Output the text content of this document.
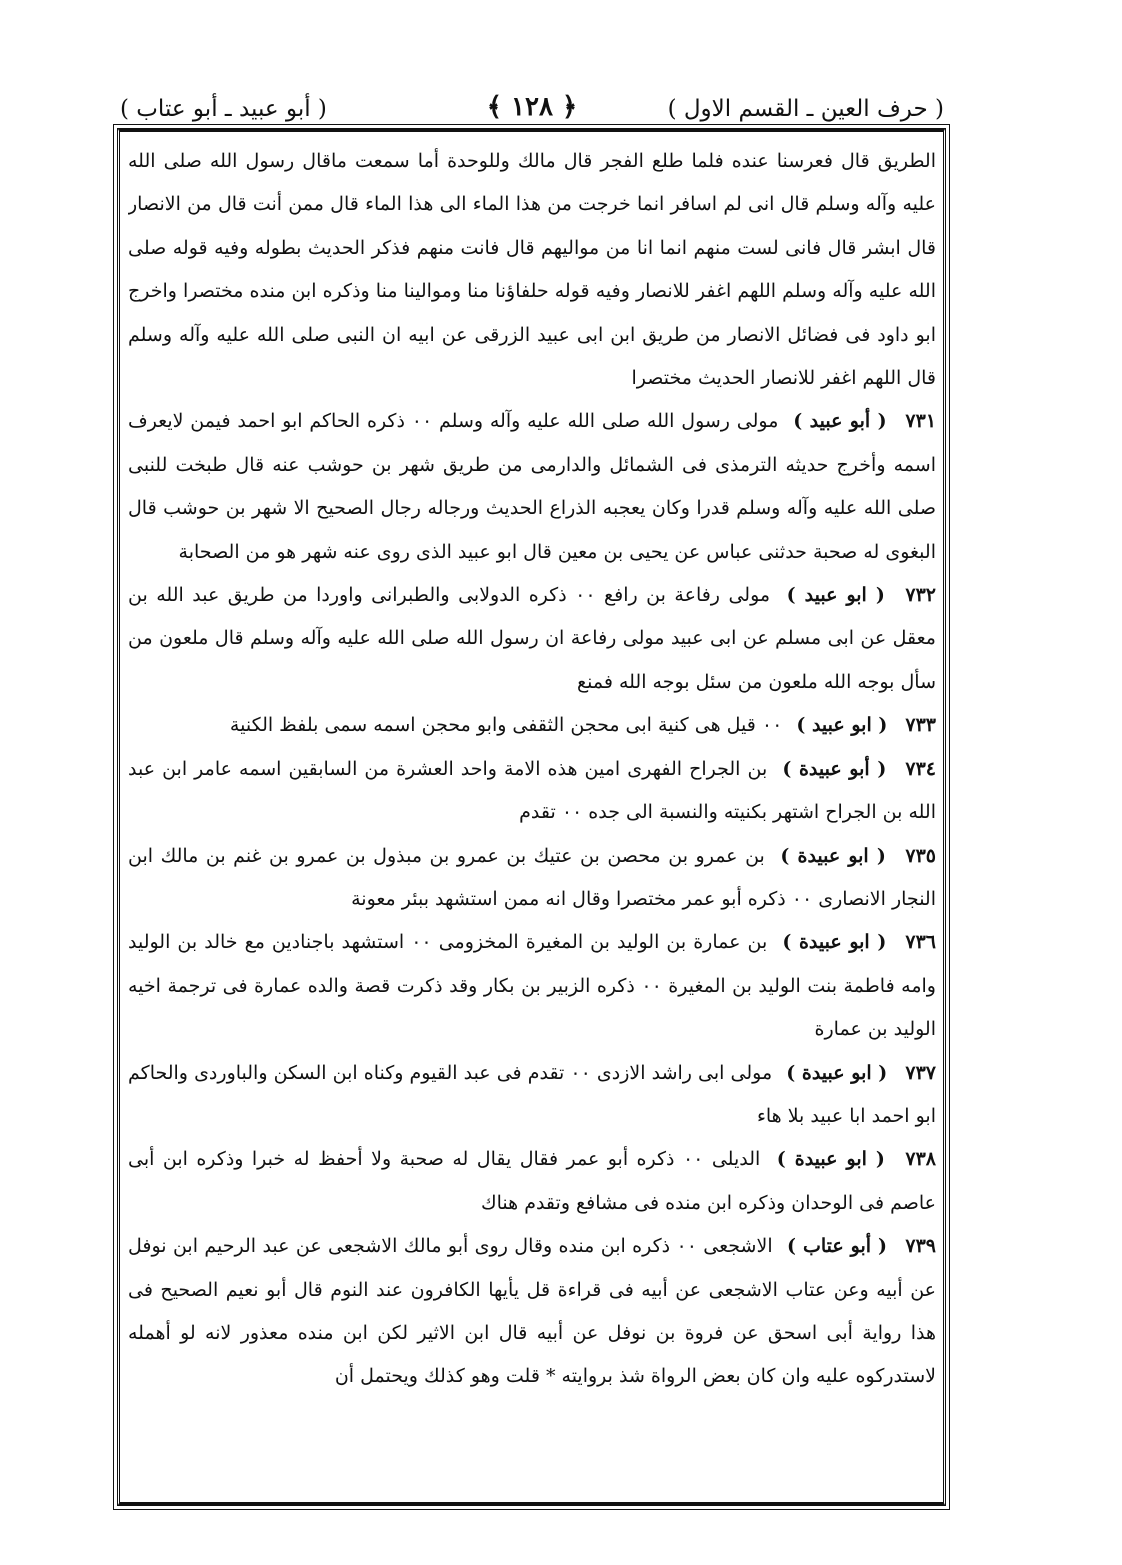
( حرف العين ـ القسم الاول )
﴿ ١٢٨ ﴾
( أبو عبيد ـ أبو عتاب )

الطريق قال فعرسنا عنده فلما طلع الفجر قال مالك وللوحدة أما سمعت ماقال رسول الله صلى الله عليه وآله وسلم قال انى لم اسافر انما خرجت من هذا الماء الى هذا الماء قال ممن أنت قال من الانصار قال ابشر قال فانى لست منهم انما انا من مواليهم قال فانت منهم فذكر الحديث بطوله وفيه قوله صلى الله عليه وآله وسلم اللهم اغفر للانصار وفيه قوله حلفاؤنا منا وموالينا منا وذكره ابن منده مختصرا واخرج ابو داود فى فضائل الانصار من طريق ابن ابى عبيد الزرقى عن ابيه ان النبى صلى الله عليه وآله وسلم قال اللهم اغفر للانصار الحديث مختصرا

٧٣١ ( أبو عبيد ) مولى رسول الله صلى الله عليه وآله وسلم ٠٠ ذكره الحاكم ابو احمد فيمن لايعرف اسمه وأخرج حديثه الترمذى فى الشمائل والدارمى من طريق شهر بن حوشب عنه قال طبخت للنبى صلى الله عليه وآله وسلم قدرا وكان يعجبه الذراع الحديث ورجاله رجال الصحيح الا شهر بن حوشب قال البغوى له صحبة حدثنى عباس عن يحيى بن معين قال ابو عبيد الذى روى عنه شهر هو من الصحابة

٧٣٢ ( ابو عبيد ) مولى رفاعة بن رافع ٠٠ ذكره الدولابى والطبرانى واوردا من طريق عبد الله بن معقل عن ابى مسلم عن ابى عبيد مولى رفاعة ان رسول الله صلى الله عليه وآله وسلم قال ملعون من سأل بوجه الله ملعون من سئل بوجه الله فمنع

٧٣٣ ( ابو عبيد ) ٠٠ قيل هى كنية ابى محجن الثقفى وابو محجن اسمه سمى بلفظ الكنية

٧٣٤ ( أبو عبيدة ) بن الجراح الفهرى امين هذه الامة واحد العشرة من السابقين اسمه عامر ابن عبد الله بن الجراح اشتهر بكنيته والنسبة الى جده ٠٠ تقدم

٧٣٥ ( ابو عبيدة ) بن عمرو بن محصن بن عتيك بن عمرو بن مبذول بن عمرو بن غنم بن مالك ابن النجار الانصارى ٠٠ ذكره أبو عمر مختصرا وقال انه ممن استشهد ببئر معونة

٧٣٦ ( ابو عبيدة ) بن عمارة بن الوليد بن المغيرة المخزومى ٠٠ استشهد باجنادين مع خالد بن الوليد وامه فاطمة بنت الوليد بن المغيرة ٠٠ ذكره الزبير بن بكار وقد ذكرت قصة والده عمارة فى ترجمة اخيه الوليد بن عمارة

٧٣٧ ( ابو عبيدة ) مولى ابى راشد الازدى ٠٠ تقدم فى عبد القيوم وكناه ابن السكن والباوردى والحاكم ابو احمد ابا عبيد بلا هاء

٧٣٨ ( ابو عبيدة ) الديلى ٠٠ ذكره أبو عمر فقال يقال له صحبة ولا أحفظ له خبرا وذكره ابن أبى عاصم فى الوحدان وذكره ابن منده فى مشافع وتقدم هناك

٧٣٩ ( أبو عتاب ) الاشجعى ٠٠ ذكره ابن منده وقال روى أبو مالك الاشجعى عن عبد الرحيم ابن نوفل عن أبيه وعن عتاب الاشجعى عن أبيه فى قراءة قل يأيها الكافرون عند النوم قال أبو نعيم الصحيح فى هذا رواية أبى اسحق عن فروة بن نوفل عن أبيه قال ابن الاثير لكن ابن منده معذور لانه لو أهمله لاستدركوه عليه وان كان بعض الرواة شذ بروايته * قلت وهو كذلك ويحتمل أن
